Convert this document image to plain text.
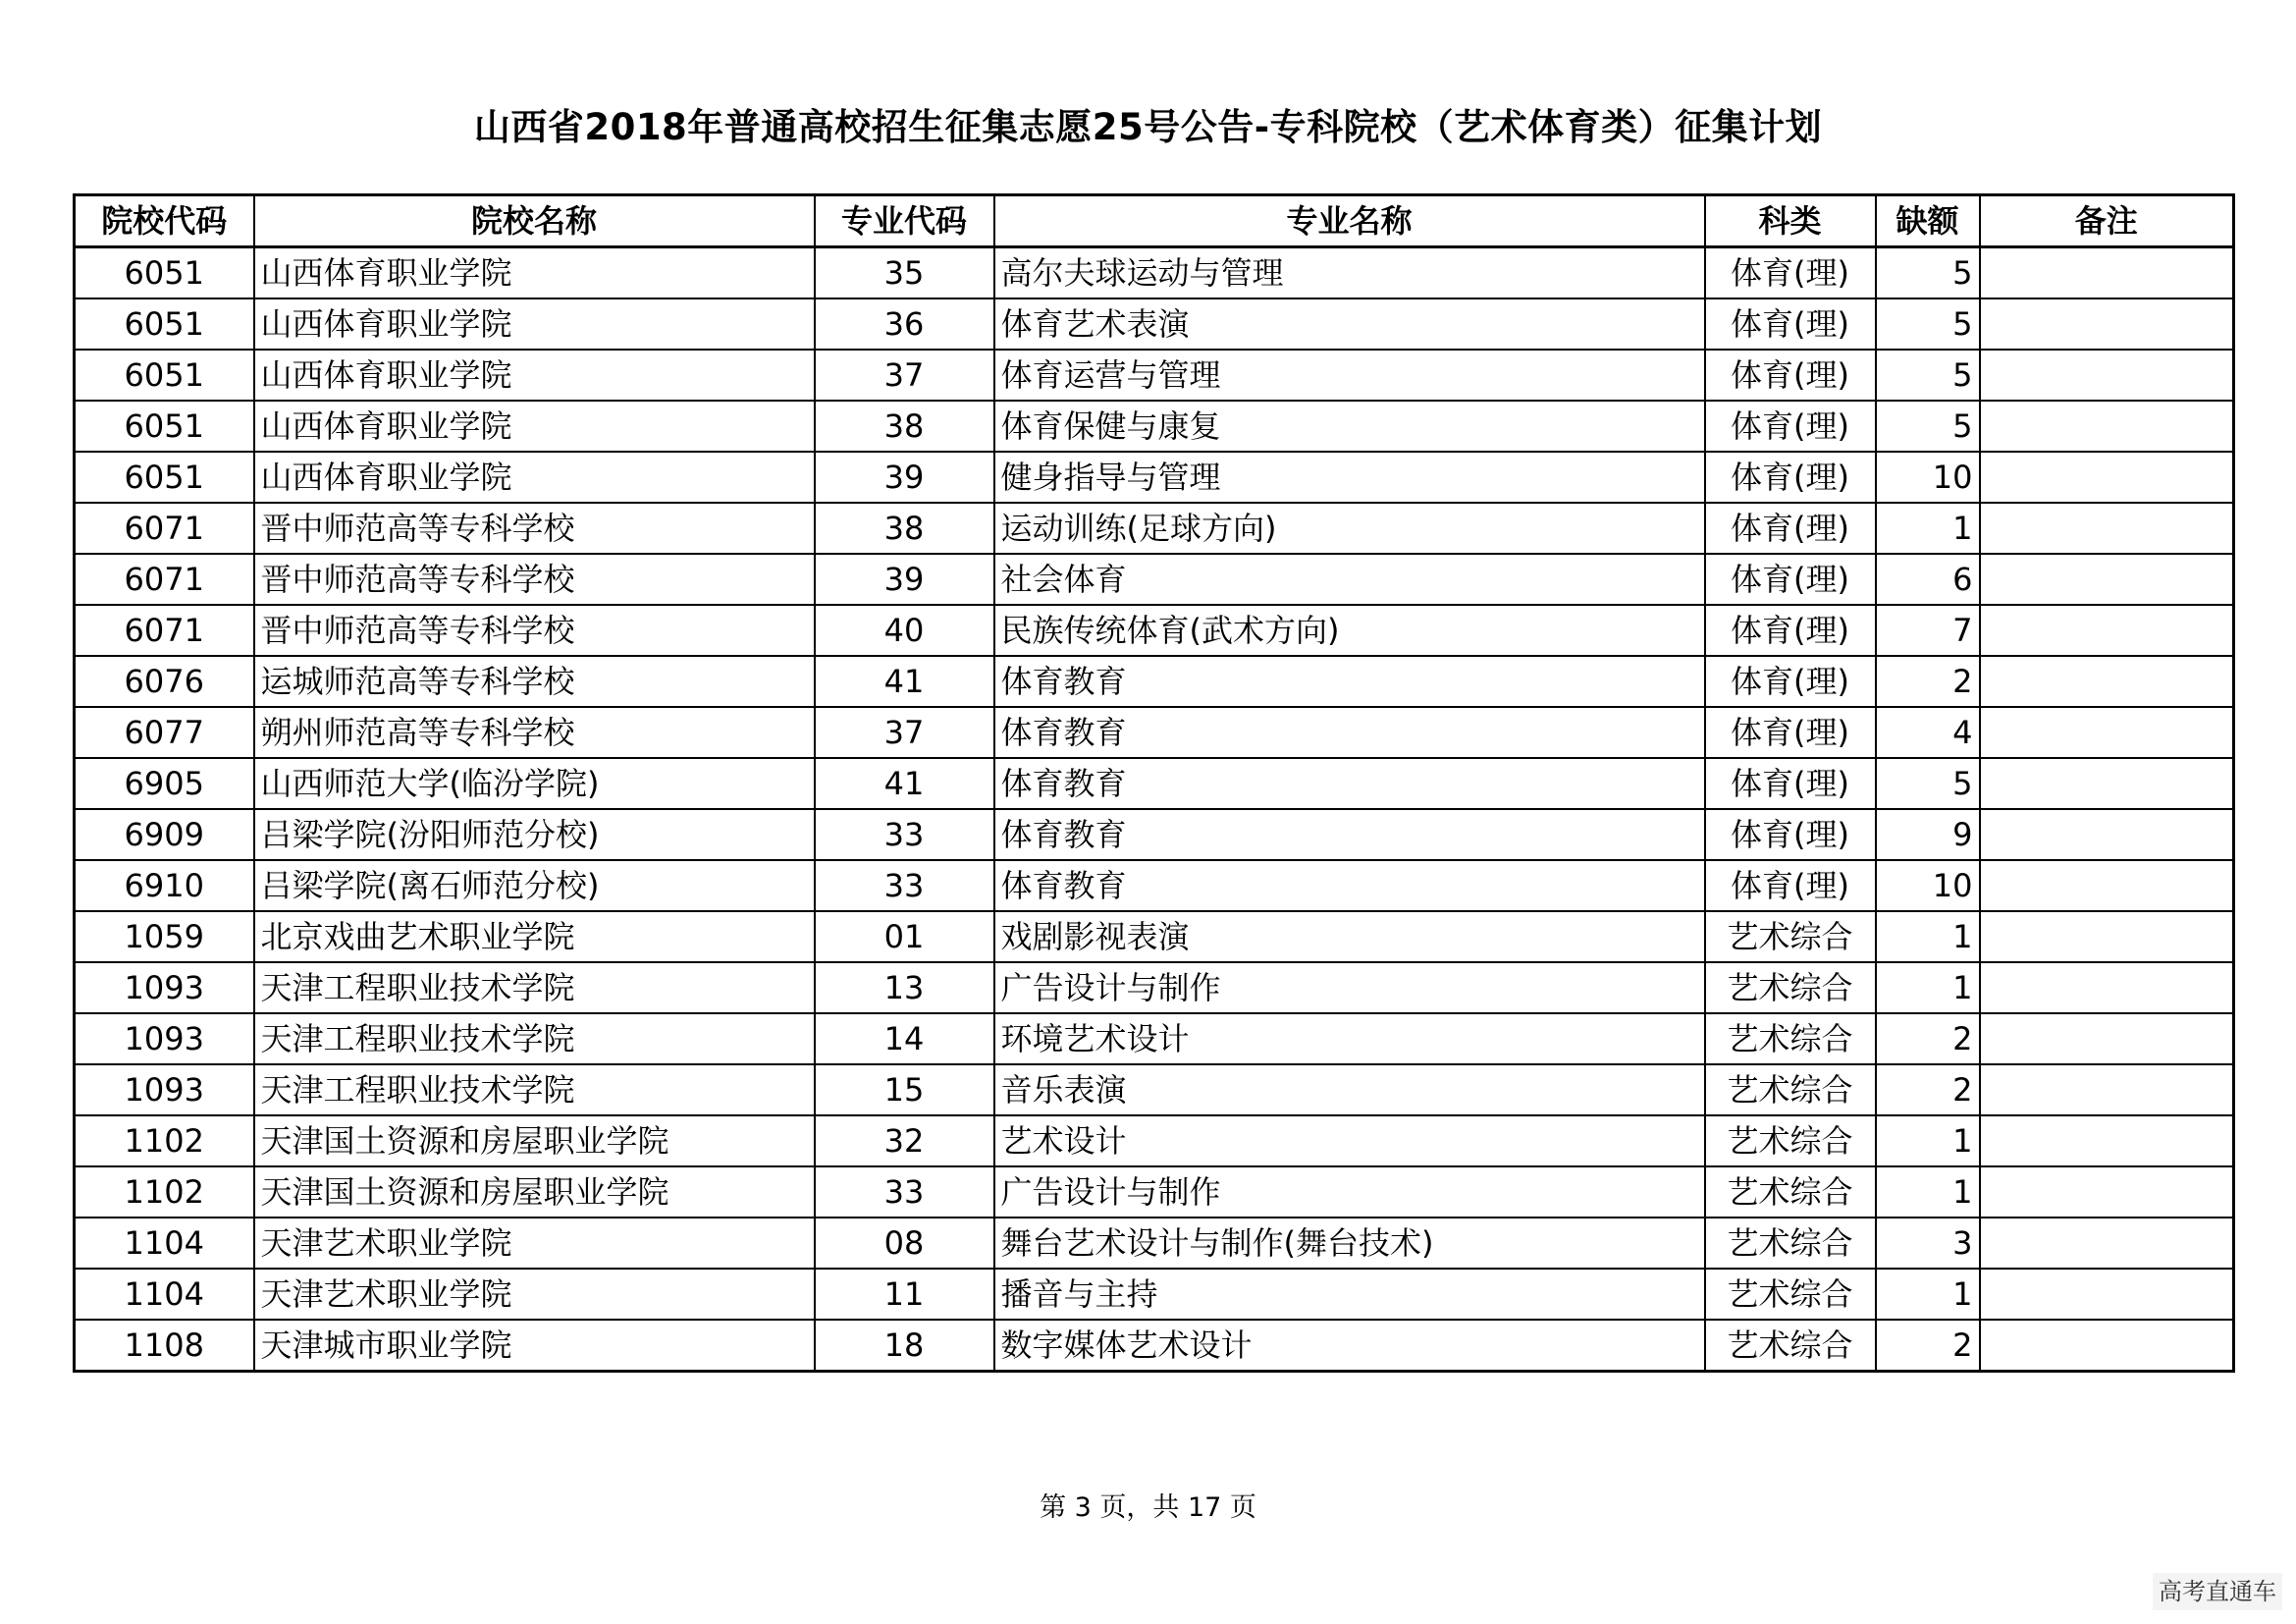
山西省2018年普通高校招生征集志愿25号公告-专科院校（艺术体育类）征集计划
院校代码	院校名称	专业代码	专业名称	科类	缺额	备注
6051	山西体育职业学院	35	高尔夫球运动与管理	体育(理)	5	
6051	山西体育职业学院	36	体育艺术表演	体育(理)	5	
6051	山西体育职业学院	37	体育运营与管理	体育(理)	5	
6051	山西体育职业学院	38	体育保健与康复	体育(理)	5	
6051	山西体育职业学院	39	健身指导与管理	体育(理)	10	
6071	晋中师范高等专科学校	38	运动训练(足球方向)	体育(理)	1	
6071	晋中师范高等专科学校	39	社会体育	体育(理)	6	
6071	晋中师范高等专科学校	40	民族传统体育(武术方向)	体育(理)	7	
6076	运城师范高等专科学校	41	体育教育	体育(理)	2	
6077	朔州师范高等专科学校	37	体育教育	体育(理)	4	
6905	山西师范大学(临汾学院)	41	体育教育	体育(理)	5	
6909	吕梁学院(汾阳师范分校)	33	体育教育	体育(理)	9	
6910	吕梁学院(离石师范分校)	33	体育教育	体育(理)	10	
1059	北京戏曲艺术职业学院	01	戏剧影视表演	艺术综合	1	
1093	天津工程职业技术学院	13	广告设计与制作	艺术综合	1	
1093	天津工程职业技术学院	14	环境艺术设计	艺术综合	2	
1093	天津工程职业技术学院	15	音乐表演	艺术综合	2	
1102	天津国土资源和房屋职业学院	32	艺术设计	艺术综合	1	
1102	天津国土资源和房屋职业学院	33	广告设计与制作	艺术综合	1	
1104	天津艺术职业学院	08	舞台艺术设计与制作(舞台技术)	艺术综合	3	
1104	天津艺术职业学院	11	播音与主持	艺术综合	1	
1108	天津城市职业学院	18	数字媒体艺术设计	艺术综合	2	
第 3 页，共 17 页
高考直通车
